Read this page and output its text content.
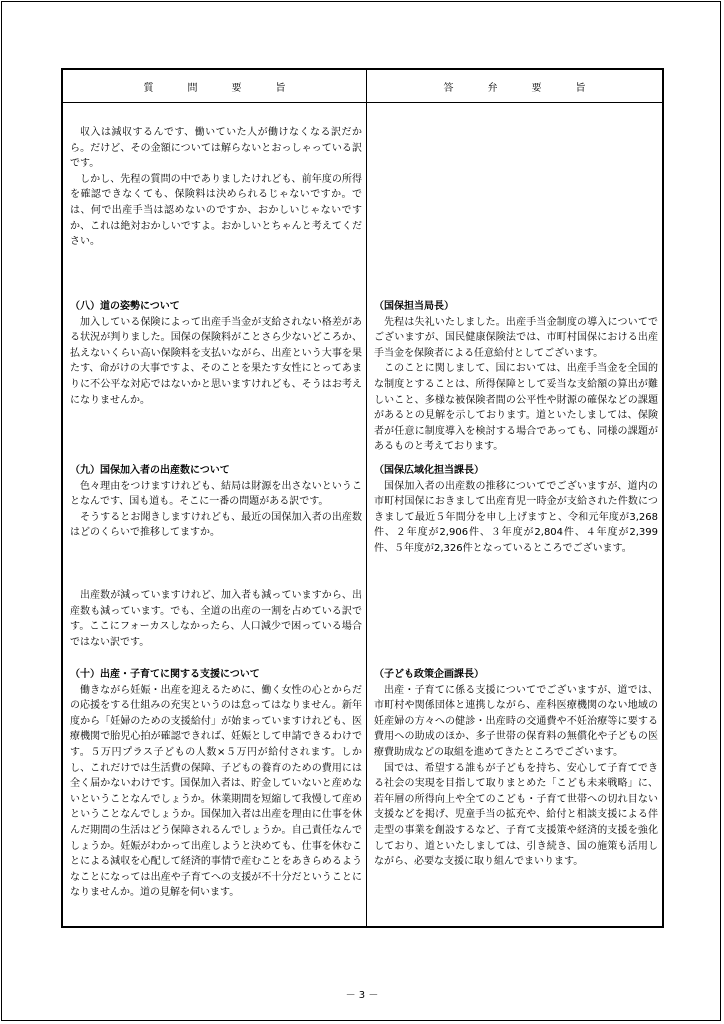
質問要旨	答弁要旨

収入は減収するんです、働いていた人が働けなくなる訳だから。だけど、その金額については解らないとおっしゃっている訳です。

しかし、先程の質問の中でありましたけれども、前年度の所得を確認できなくても、保険料は決められるじゃないですか。では、何で出産手当は認めないのですか、おかしいじゃないですか、これは絶対おかしいですよ。おかしいとちゃんと考えてください。

（八）道の姿勢について

加入している保険によって出産手当金が支給されない格差がある状況が判りました。国保の保険料がことさら少ないどころか、払えないくらい高い保険料を支払いながら、出産という大事を果たす、命がけの大事ですよ、そのことを果たす女性にとってあまりに不公平な対応ではないかと思いますけれども、そうはお考えになりませんか。

（九）国保加入者の出産数について

色々理由をつけますけれども、結局は財源を出さないということなんです、国も道も。そこに一番の問題がある訳です。

そうするとお聞きしますけれども、最近の国保加入者の出産数はどのくらいで推移してますか。

出産数が減っていますけれど、加入者も減っていますから、出産数も減っています。でも、全道の出産の一割を占めている訳です。ここにフォーカスしなかったら、人口減少で困っている場合ではない訳です。

（十）出産・子育てに関する支援について

働きながら妊娠・出産を迎えるために、働く女性の心とからだの応援をする仕組みの充実というのは怠ってはなりません。新年度から「妊婦のための支援給付」が始まっていますけれども、医療機関で胎児心拍が確認できれば、妊娠として申請できるわけです。５万円プラス子どもの人数×５万円が給付されます。しかし、これだけでは生活費の保障、子どもの養育のための費用には全く届かないわけです。国保加入者は、貯金していないと産めないということなんでしょうか。休業期間を短縮して我慢して産めということなんでしょうか。国保加入者は出産を理由に仕事を休んだ期間の生活はどう保障されるんでしょうか。自己責任なんでしょうか。妊娠がわかって出産しようと決めても、仕事を休むことによる減収を心配して経済的事情で産むことをあきらめるようなことになっては出産や子育てへの支援が不十分だということになりませんか。道の見解を伺います。

（国保担当局長）

先程は失礼いたしました。出産手当金制度の導入についてでございますが、国民健康保険法では、市町村国保における出産手当金を保険者による任意給付としてございます。

このことに関しまして、国においては、出産手当金を全国的な制度とすることは、所得保障として妥当な支給額の算出が難しいこと、多様な被保険者間の公平性や財源の確保などの課題があるとの見解を示しております。道といたしましては、保険者が任意に制度導入を検討する場合であっても、同様の課題があるものと考えております。

（国保広域化担当課長）

国保加入者の出産数の推移についてでございますが、道内の市町村国保におきまして出産育児一時金が支給された件数につきまして最近５年間分を申し上げますと、令和元年度が3,268件、２年度が2,906件、３年度が2,804件、４年度が2,399件、５年度が2,326件となっているところでございます。

（子ども政策企画課長）

出産・子育てに係る支援についてでございますが、道では、市町村や関係団体と連携しながら、産科医療機関のない地域の妊産婦の方々への健診・出産時の交通費や不妊治療等に要する費用への助成のほか、多子世帯の保育料の無償化や子どもの医療費助成などの取組を進めてきたところでございます。

国では、希望する誰もが子どもを持ち、安心して子育てできる社会の実現を目指して取りまとめた「こども未来戦略」に、若年層の所得向上や全てのこども・子育て世帯への切れ目ない支援などを掲げ、児童手当の拡充や、給付と相談支援による伴走型の事業を創設するなど、子育て支援策や経済的支援を強化しており、道といたしましては、引き続き、国の施策も活用しながら、必要な支援に取り組んでまいります。

－ 3 －
